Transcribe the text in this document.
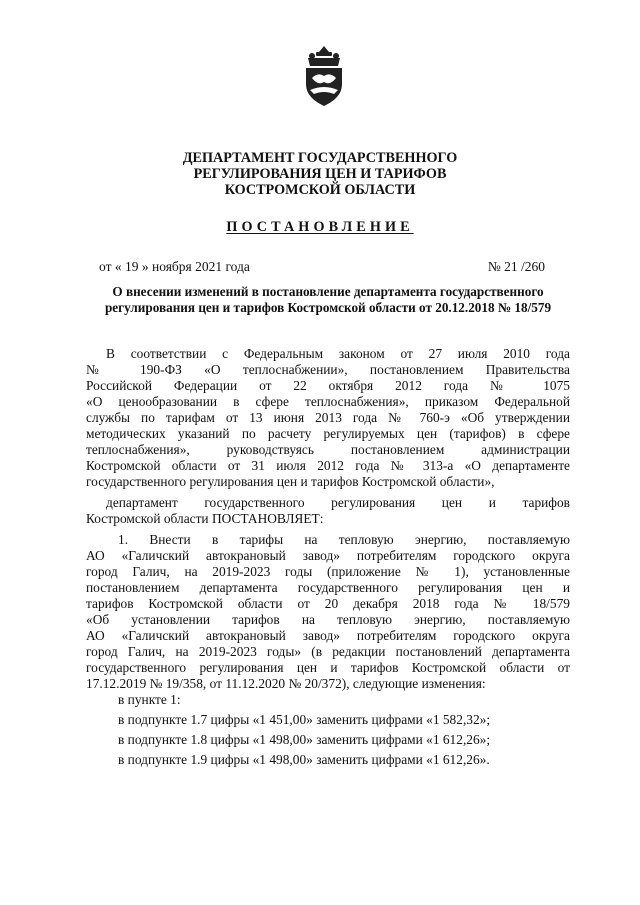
ДЕПАРТАМЕНТ ГОСУДАРСТВЕННОГО
РЕГУЛИРОВАНИЯ ЦЕН И ТАРИФОВ
КОСТРОМСКОЙ ОБЛАСТИ
ПОСТАНОВЛЕНИЕ
от « 19 » ноября 2021 года	№ 21 /260
О внесении изменений в постановление департамента государственного
регулирования цен и тарифов Костромской области от 20.12.2018 № 18/579
В соответствии с Федеральным законом от 27 июля 2010 года
№ 190-ФЗ «О теплоснабжении», постановлением Правительства
Российской Федерации от 22 октября 2012 года № 1075
«О ценообразовании в сфере теплоснабжения», приказом Федеральной
службы по тарифам от 13 июня 2013 года № 760-э «Об утверждении
методических указаний по расчету регулируемых цен (тарифов) в сфере
теплоснабжения», руководствуясь постановлением администрации
Костромской области от 31 июля 2012 года № 313-а «О департаменте
государственного регулирования цен и тарифов Костромской области»,
департамент государственного регулирования цен и тарифов
Костромской области ПОСТАНОВЛЯЕТ:
1. Внести в тарифы на тепловую энергию, поставляемую
АО «Галичский автокрановый завод» потребителям городского округа
город Галич, на 2019-2023 годы (приложение № 1), установленные
постановлением департамента государственного регулирования цен и
тарифов Костромской области от 20 декабря 2018 года № 18/579
«Об установлении тарифов на тепловую энергию, поставляемую
АО «Галичский автокрановый завод» потребителям городского округа
город Галич, на 2019-2023 годы» (в редакции постановлений департамента
государственного регулирования цен и тарифов Костромской области от
17.12.2019 № 19/358, от 11.12.2020 № 20/372), следующие изменения:
в пункте 1:
в подпункте 1.7 цифры «1 451,00» заменить цифрами «1 582,32»;
в подпункте 1.8 цифры «1 498,00» заменить цифрами «1 612,26»;
в подпункте 1.9 цифры «1 498,00» заменить цифрами «1 612,26».
